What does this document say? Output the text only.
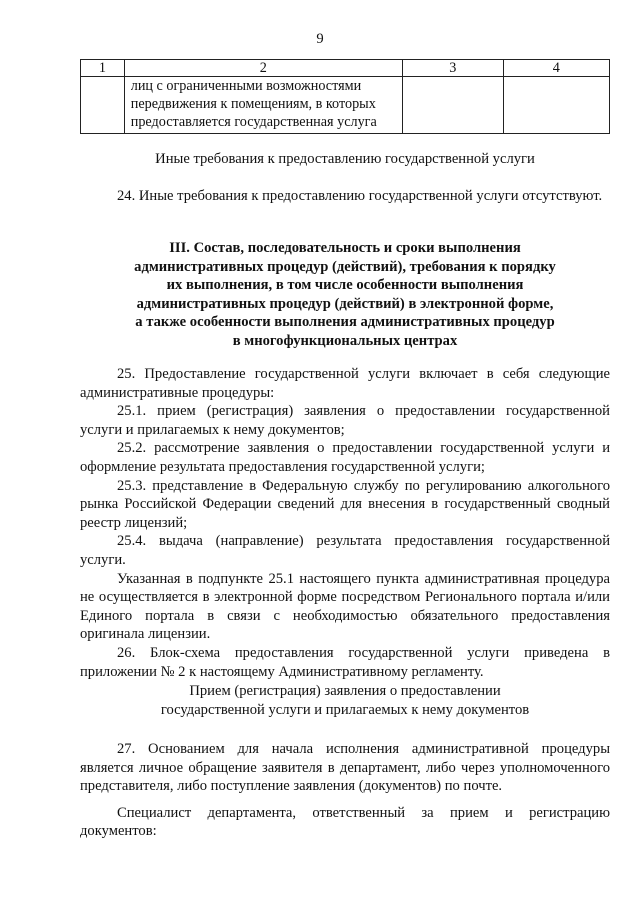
9
1	2	3	4

	лиц с ограниченными возможностями передвижения к помещениям, в которых предоставляется государственная услуга		

Иные требования к предоставлению государственной услуги

24. Иные требования к предоставлению государственной услуги отсутствуют.

III. Состав, последовательность и сроки выполнения
административных процедур (действий), требования к порядку
их выполнения, в том числе особенности выполнения
административных процедур (действий) в электронной форме,
а также особенности выполнения административных процедур
в многофункциональных центрах

25. Предоставление государственной услуги включает в себя следующие административные процедуры:

25.1. прием (регистрация) заявления о предоставлении государственной услуги и прилагаемых к нему документов;

25.2. рассмотрение заявления о предоставлении государственной услуги и оформление результата предоставления государственной услуги;

25.3. представление в Федеральную службу по регулированию алкогольного рынка Российской Федерации сведений для внесения в государственный сводный реестр лицензий;

25.4. выдача (направление) результата предоставления государственной услуги.

Указанная в подпункте 25.1 настоящего пункта административная процедура не осуществляется в электронной форме посредством Регионального портала и/или Единого портала в связи с необходимостью обязательного предоставления оригинала лицензии.

26. Блок-схема предоставления государственной услуги приведена в приложении № 2 к настоящему Административному регламенту.

Прием (регистрация) заявления о предоставлении
государственной услуги и прилагаемых к нему документов

27. Основанием для начала исполнения административной процедуры является личное обращение заявителя в департамент, либо через уполномоченного представителя, либо поступление заявления (документов) по почте.

Специалист департамента, ответственный за прием и регистрацию документов:
